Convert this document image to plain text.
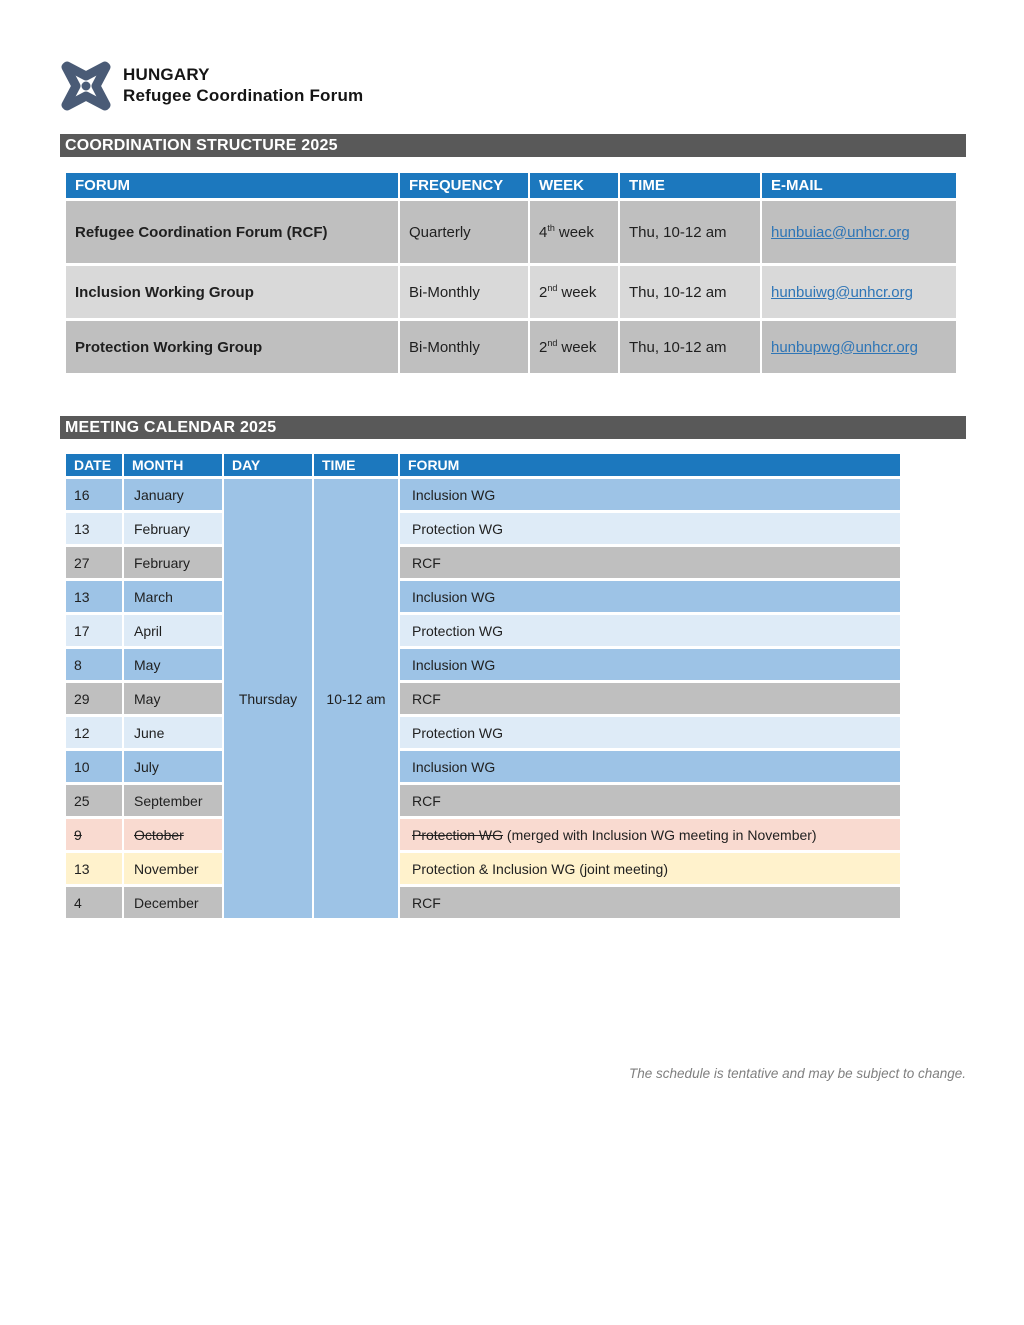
HUNGARY
Refugee Coordination Forum
COORDINATION STRUCTURE 2025
FORUM	FREQUENCY	WEEK	TIME	E-MAIL
Refugee Coordination Forum (RCF)	Quarterly	4th week	Thu, 10-12 am	hunbuiac@unhcr.org
Inclusion Working Group	Bi-Monthly	2nd week	Thu, 10-12 am	hunbuiwg@unhcr.org
Protection Working Group	Bi-Monthly	2nd week	Thu, 10-12 am	hunbupwg@unhcr.org
MEETING CALENDAR 2025
DATE	MONTH	DAY	TIME	FORUM
16	January	Thursday	10-12 am	Inclusion WG
13	February			Protection WG
27	February			RCF
13	March			Inclusion WG
17	April			Protection WG
8	May			Inclusion WG
29	May			RCF
12	June			Protection WG
10	July			Inclusion WG
25	September			RCF
9	October			Protection WG (merged with Inclusion WG meeting in November)
13	November			Protection & Inclusion WG (joint meeting)
4	December			RCF
The schedule is tentative and may be subject to change.
